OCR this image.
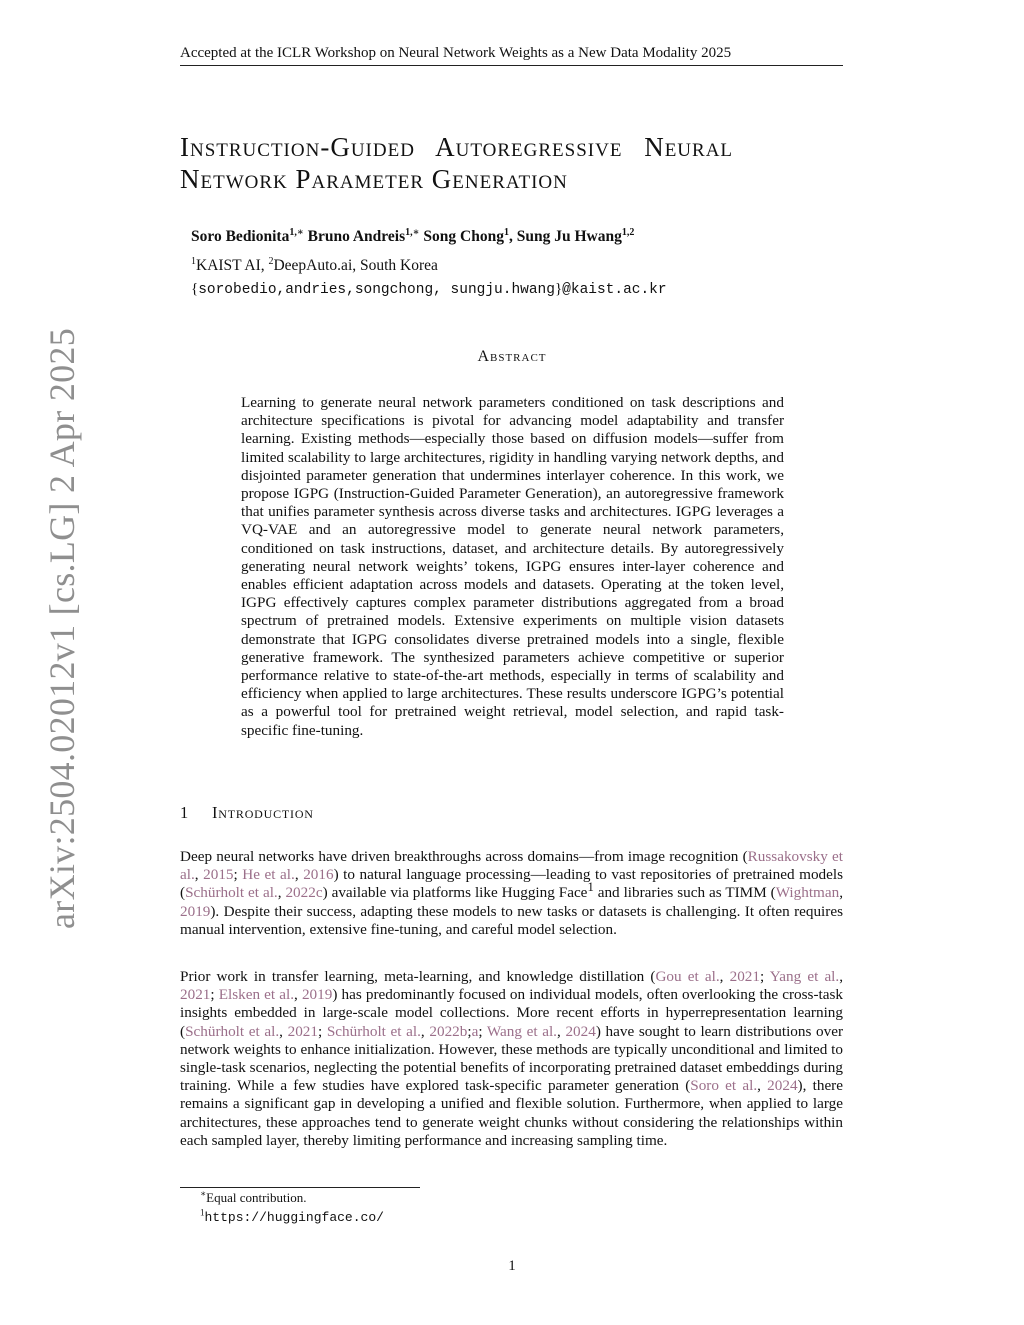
Accepted at the ICLR Workshop on Neural Network Weights as a New Data Modality 2025
arXiv:2504.02012v1 [cs.LG] 2 Apr 2025
Instruction-Guided Autoregressive Neural
Network Parameter Generation
Soro Bedionita$^{1,∗}$ Bruno Andreis$^{1,∗}$ Song Chong$^1$, Sung Ju Hwang$^{1,2}$
$^1$KAIST AI, $^2$DeepAuto.ai, South Korea
{sorobedio,andries,songchong, sungju.hwang}@kaist.ac.kr
Abstract
Learning to generate neural network parameters conditioned on task descriptions and architecture specifications is pivotal for advancing model adaptability and transfer learning. Existing methods—especially those based on diffusion models—suffer from limited scalability to large architectures, rigidity in handling varying network depths, and disjointed parameter generation that undermines interlayer coherence. In this work, we propose IGPG (Instruction-Guided Parameter Generation), an autoregressive framework that unifies parameter synthesis across diverse tasks and architectures. IGPG leverages a VQ-VAE and an autoregressive model to generate neural network parameters, conditioned on task instructions, dataset, and architecture details. By autoregressively generating neural network weights’ tokens, IGPG ensures inter-layer coherence and enables efficient adaptation across models and datasets. Operating at the token level, IGPG effectively captures complex parameter distributions aggregated from a broad spectrum of pretrained models. Extensive experiments on multiple vision datasets demonstrate that IGPG consolidates diverse pretrained models into a single, flexible generative framework. The synthesized parameters achieve competitive or superior performance relative to state-of-the-art methods, especially in terms of scalability and efficiency when applied to large architectures. These results underscore IGPG’s potential as a powerful tool for pretrained weight retrieval, model selection, and rapid task-specific fine-tuning.
1 Introduction

Deep neural networks have driven breakthroughs across domains—from image recognition (Russakovsky et al., 2015; He et al., 2016) to natural language processing—leading to vast repositories of pretrained models (Schürholt et al., 2022c) available via platforms like Hugging Face$^1$ and libraries such as TIMM (Wightman, 2019). Despite their success, adapting these models to new tasks or datasets is challenging. It often requires manual intervention, extensive fine-tuning, and careful model selection.

Prior work in transfer learning, meta-learning, and knowledge distillation (Gou et al., 2021; Yang et al., 2021; Elsken et al., 2019) has predominantly focused on individual models, often overlooking the cross-task insights embedded in large-scale model collections. More recent efforts in hyperrepresentation learning (Schürholt et al., 2021; Schürholt et al., 2022b;a; Wang et al., 2024) have sought to learn distributions over network weights to enhance initialization. However, these methods are typically unconditional and limited to single-task scenarios, neglecting the potential benefits of incorporating pretrained dataset embeddings during training. While a few studies have explored task-specific parameter generation (Soro et al., 2024), there remains a significant gap in developing a unified and flexible solution. Furthermore, when applied to large architectures, these approaches tend to generate weight chunks without considering the relationships within each sampled layer, thereby limiting performance and increasing sampling time.

∗Equal contribution.
$^1$https://huggingface.co/
1
